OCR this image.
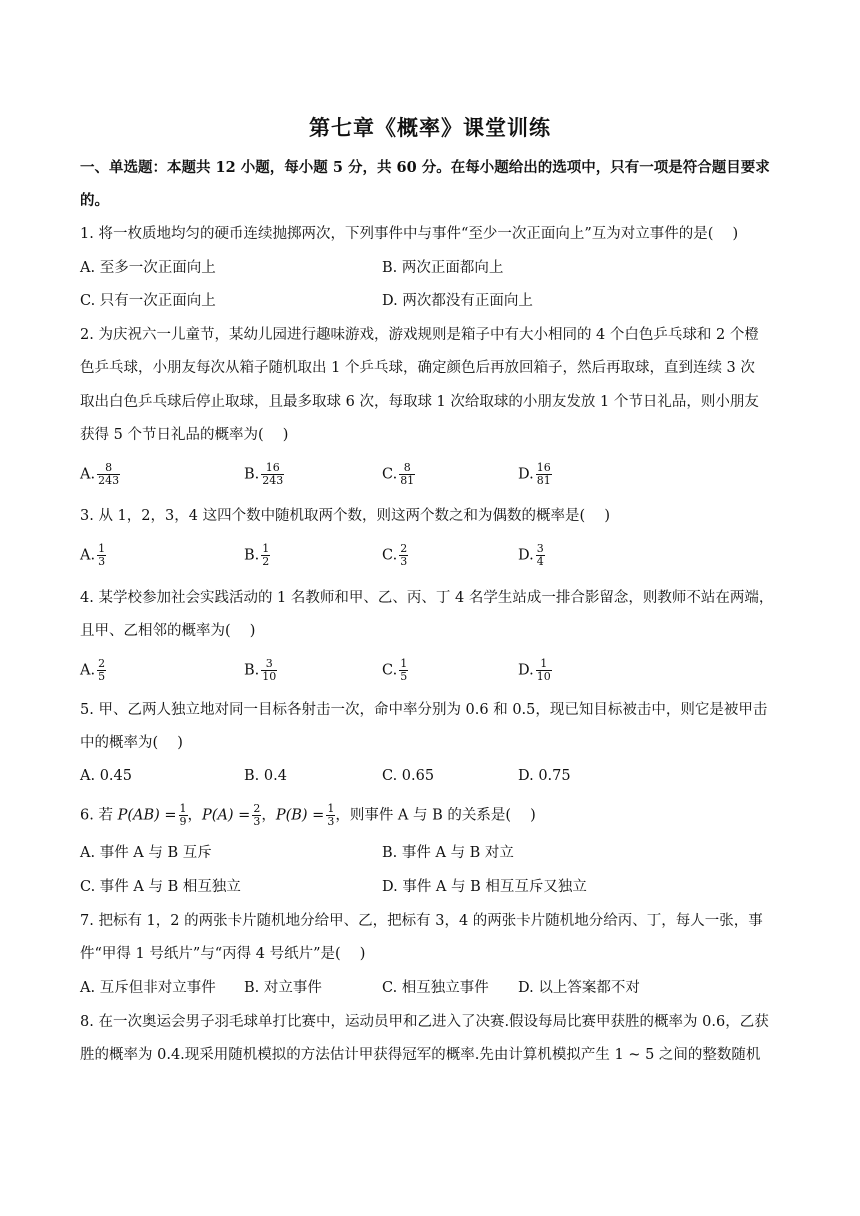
第七章《概率》课堂训练
一、单选题：本题共 12 小题，每小题 5 分，共 60 分。在每小题给出的选项中，只有一项是符合题目要求
的。
1. 将一枚质地均匀的硬币连续抛掷两次，下列事件中与事件“至少一次正面向上”互为对立事件的是(　 )
A. 至多一次正面向上	B. 两次正面都向上
C. 只有一次正面向上	D. 两次都没有正面向上
2. 为庆祝六一儿童节，某幼儿园进行趣味游戏，游戏规则是箱子中有大小相同的 4 个白色乒乓球和 2 个橙
色乒乓球，小朋友每次从箱子随机取出 1 个乒乓球，确定颜色后再放回箱子，然后再取球，直到连续 3 次
取出白色乒乓球后停止取球，且最多取球 6 次，每取球 1 次给取球的小朋友发放 1 个节日礼品，则小朋友
获得 5 个节日礼品的概率为(　 )
A. $\frac{8}{243}$	B. $\frac{16}{243}$	C. $\frac{8}{81}$	D. $\frac{16}{81}$
3. 从 1，2，3，4 这四个数中随机取两个数，则这两个数之和为偶数的概率是(　 )
A. $\frac{1}{3}$	B. $\frac{1}{2}$	C. $\frac{2}{3}$	D. $\frac{3}{4}$
4. 某学校参加社会实践活动的 1 名教师和甲、乙、丙、丁 4 名学生站成一排合影留念，则教师不站在两端，
且甲、乙相邻的概率为(　 )
A. $\frac{2}{5}$	B. $\frac{3}{10}$	C. $\frac{1}{5}$	D. $\frac{1}{10}$
5. 甲、乙两人独立地对同一目标各射击一次，命中率分别为 0.6 和 0.5，现已知目标被击中，则它是被甲击
中的概率为(　 )
A. 0.45	B. 0.4	C. 0.65	D. 0.75
6. 若 $P(AB) = \frac{1}{9}$ ，$P(A) = \frac{2}{3}$ ，$P(B) = \frac{1}{3}$ ，则事件 A 与 B 的关系是(　 )
A. 事件 A 与 B 互斥	B. 事件 A 与 B 对立
C. 事件 A 与 B 相互独立	D. 事件 A 与 B 相互互斥又独立
7. 把标有 1，2 的两张卡片随机地分给甲、乙，把标有 3，4 的两张卡片随机地分给丙、丁，每人一张，事
件“甲得 1 号纸片”与“丙得 4 号纸片”是(　 )
A. 互斥但非对立事件 B. 对立事件	C. 相互独立事件 D. 以上答案都不对
8. 在一次奥运会男子羽毛球单打比赛中，运动员甲和乙进入了决赛.假设每局比赛甲获胜的概率为 0.6，乙获
胜的概率为 0.4.现采用随机模拟的方法估计甲获得冠军的概率.先由计算机模拟产生 1 ~ 5 之间的整数随机
